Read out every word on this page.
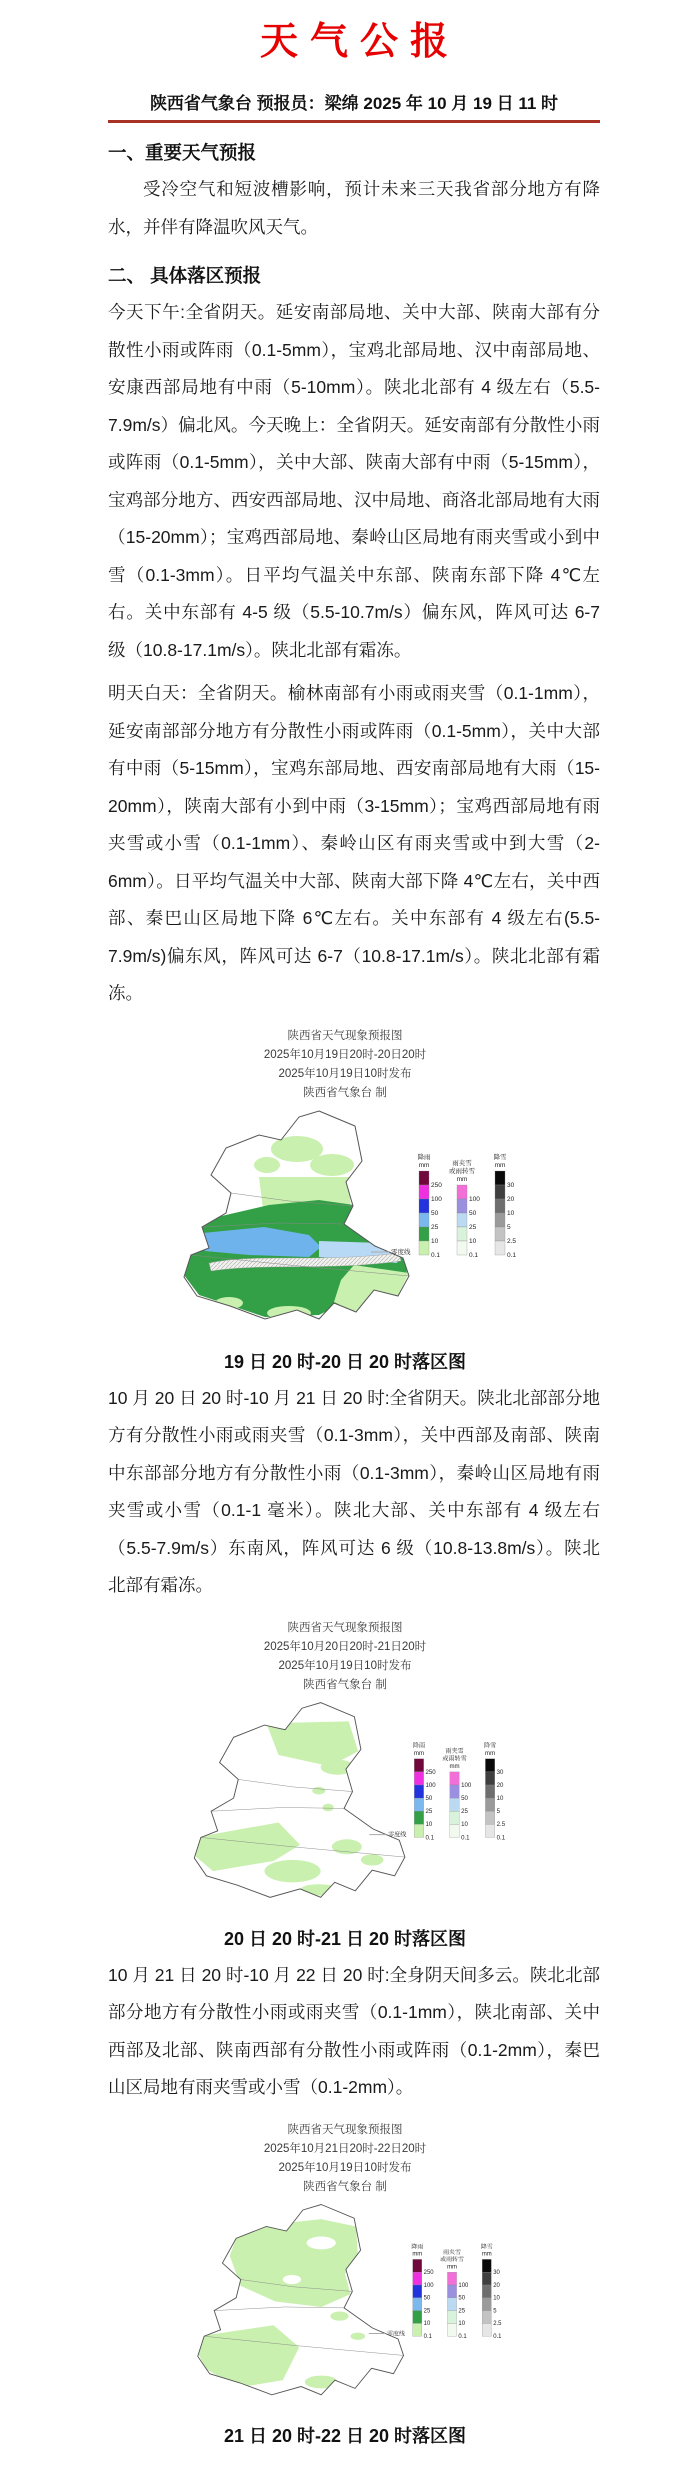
天气公报
陕西省气象台 预报员：梁绵 2025 年 10 月 19 日 11 时
一、重要天气预报
受冷空气和短波槽影响，预计未来三天我省部分地方有降水，并伴有降温吹风天气。
二、 具体落区预报
今天下午:全省阴天。延安南部局地、关中大部、陕南大部有分散性小雨或阵雨（0.1-5mm），宝鸡北部局地、汉中南部局地、安康西部局地有中雨（5-10mm）。陕北北部有 4 级左右（5.5-7.9m/s）偏北风。今天晚上：全省阴天。延安南部有分散性小雨或阵雨（0.1-5mm），关中大部、陕南大部有中雨（5-15mm），宝鸡部分地方、西安西部局地、汉中局地、商洛北部局地有大雨（15-20mm）；宝鸡西部局地、秦岭山区局地有雨夹雪或小到中雪（0.1-3mm）。日平均气温关中东部、陕南东部下降 4℃左右。关中东部有 4-5 级（5.5-10.7m/s）偏东风，阵风可达 6-7 级（10.8-17.1m/s）。陕北北部有霜冻。
明天白天：全省阴天。榆林南部有小雨或雨夹雪（0.1-1mm），延安南部部分地方有分散性小雨或阵雨（0.1-5mm），关中大部有中雨（5-15mm），宝鸡东部局地、西安南部局地有大雨（15-20mm），陕南大部有小到中雨（3-15mm）；宝鸡西部局地有雨夹雪或小雪（0.1-1mm）、秦岭山区有雨夹雪或中到大雪（2-6mm）。日平均气温关中大部、陕南大部下降 4℃左右，关中西部、秦巴山区局地下降 6℃左右。关中东部有 4 级左右(5.5-7.9m/s)偏东风，阵风可达 6-7（10.8-17.1m/s）。陕北北部有霜冻。
陕西省天气现象预报图
2025年10月19日20时-20日20时
2025年10月19日10时发布
陕西省气象台 制
降雨
mm
250
100
50
25
10
0.1
雨夹雪
或雨转雪
mm
100
50
25
10
0.1
降雪
mm
30
20
10
5
2.5
0.1
零度线
19 日 20 时-20 日 20 时落区图
10 月 20 日 20 时-10 月 21 日 20 时:全省阴天。陕北北部部分地方有分散性小雨或雨夹雪（0.1-3mm），关中西部及南部、陕南中东部部分地方有分散性小雨（0.1-3mm），秦岭山区局地有雨夹雪或小雪（0.1-1 毫米）。陕北大部、关中东部有 4 级左右（5.5-7.9m/s）东南风，阵风可达 6 级（10.8-13.8m/s）。陕北北部有霜冻。
陕西省天气现象预报图
2025年10月20日20时-21日20时
2025年10月19日10时发布
陕西省气象台 制
降雨
mm
250
100
50
25
10
0.1
雨夹雪
或雨转雪
mm
100
50
25
10
0.1
降雪
mm
30
20
10
5
2.5
0.1
零度线
20 日 20 时-21 日 20 时落区图
10 月 21 日 20 时-10 月 22 日 20 时:全身阴天间多云。陕北北部部分地方有分散性小雨或雨夹雪（0.1-1mm），陕北南部、关中西部及北部、陕南西部有分散性小雨或阵雨（0.1-2mm），秦巴山区局地有雨夹雪或小雪（0.1-2mm）。
陕西省天气现象预报图
2025年10月21日20时-22日20时
2025年10月19日10时发布
陕西省气象台 制
降雨
mm
250
100
50
25
10
0.1
雨夹雪
或雨转雪
mm
100
50
25
10
0.1
降雪
mm
30
20
10
5
2.5
0.1
零度线
21 日 20 时-22 日 20 时落区图
